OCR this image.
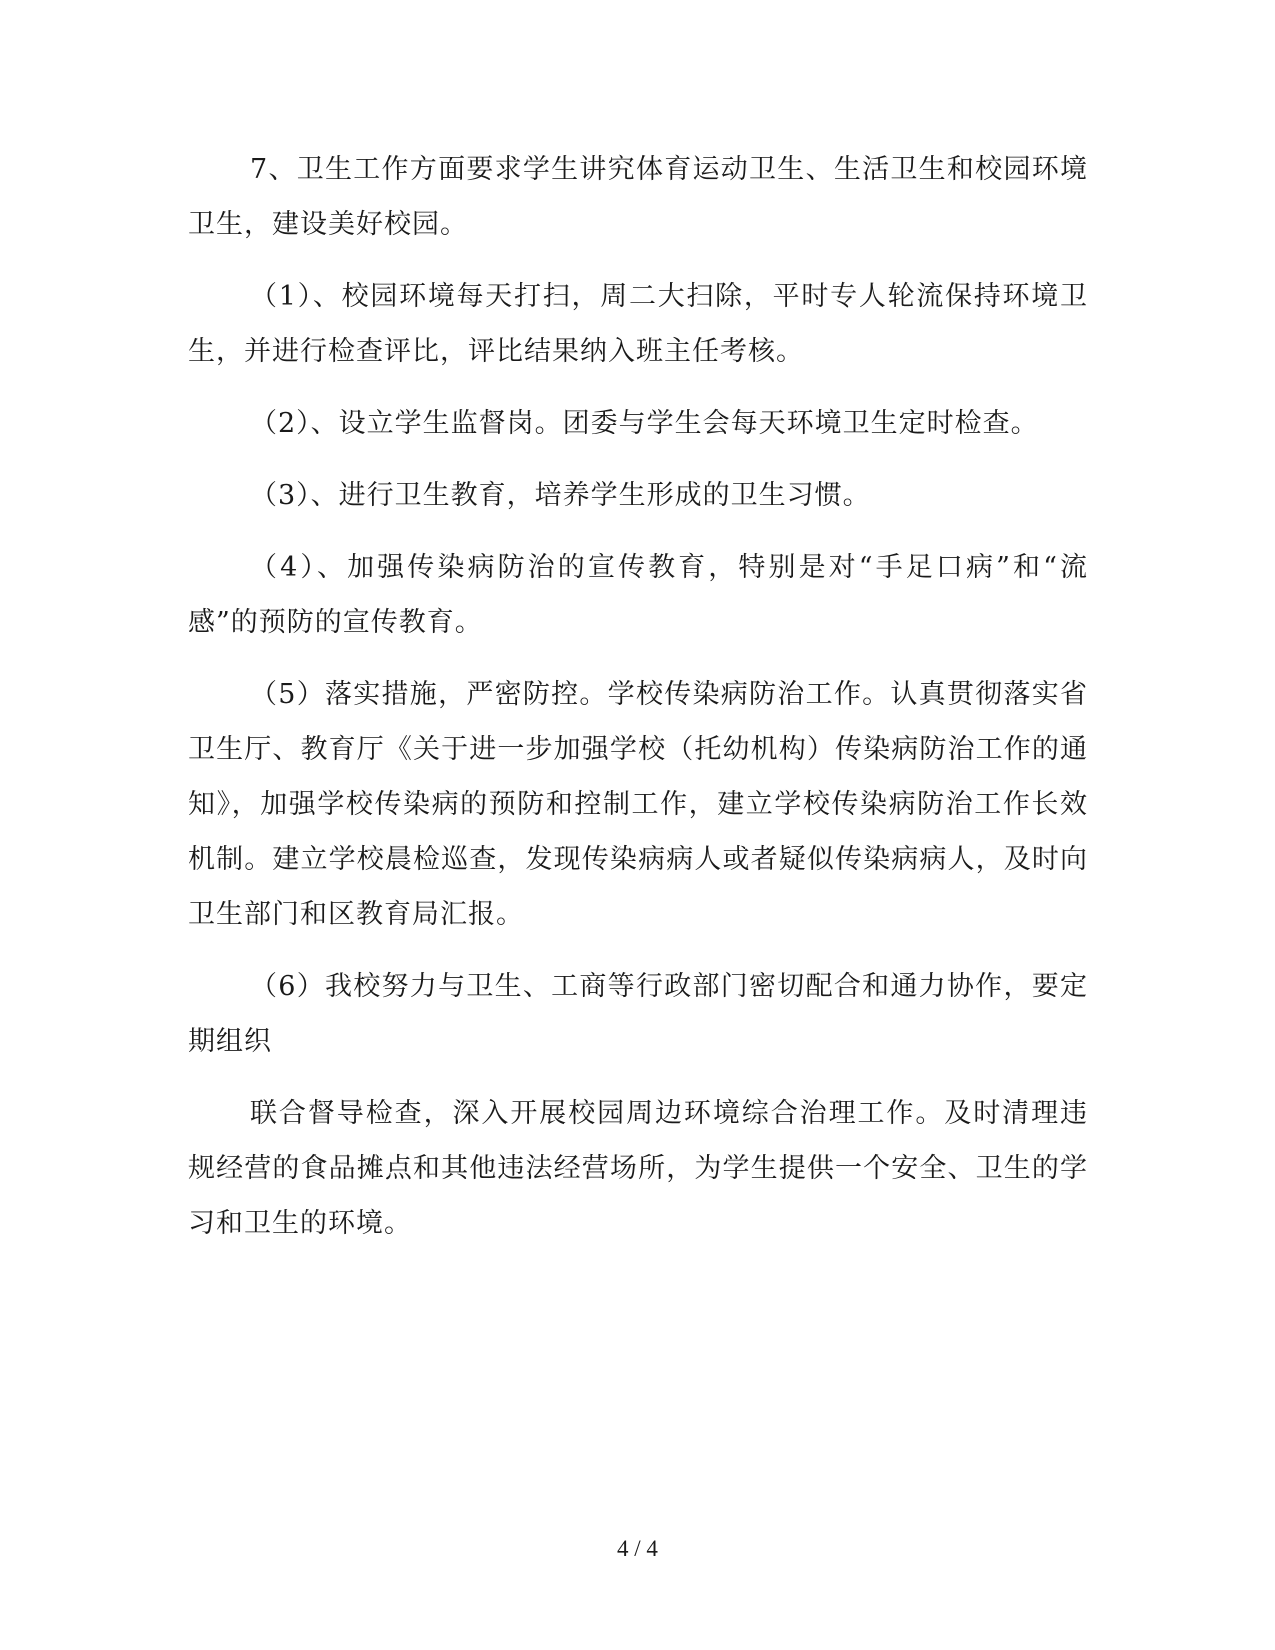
7、卫生工作方面要求学生讲究体育运动卫生、生活卫生和校园环境卫生，建设美好校园。

（1）、校园环境每天打扫，周二大扫除，平时专人轮流保持环境卫生，并进行检查评比，评比结果纳入班主任考核。

（2）、设立学生监督岗。团委与学生会每天环境卫生定时检查。

（3）、进行卫生教育，培养学生形成的卫生习惯。

（4）、加强传染病防治的宣传教育，特别是对“手足口病”和“流感”的预防的宣传教育。

（5）落实措施，严密防控。学校传染病防治工作。认真贯彻落实省卫生厅、教育厅《关于进一步加强学校（托幼机构）传染病防治工作的通知》，加强学校传染病的预防和控制工作，建立学校传染病防治工作长效机制。建立学校晨检巡查，发现传染病病人或者疑似传染病病人，及时向卫生部门和区教育局汇报。

（6）我校努力与卫生、工商等行政部门密切配合和通力协作，要定期组织

联合督导检查，深入开展校园周边环境综合治理工作。及时清理违规经营的食品摊点和其他违法经营场所，为学生提供一个安全、卫生的学习和卫生的环境。

4 / 4
